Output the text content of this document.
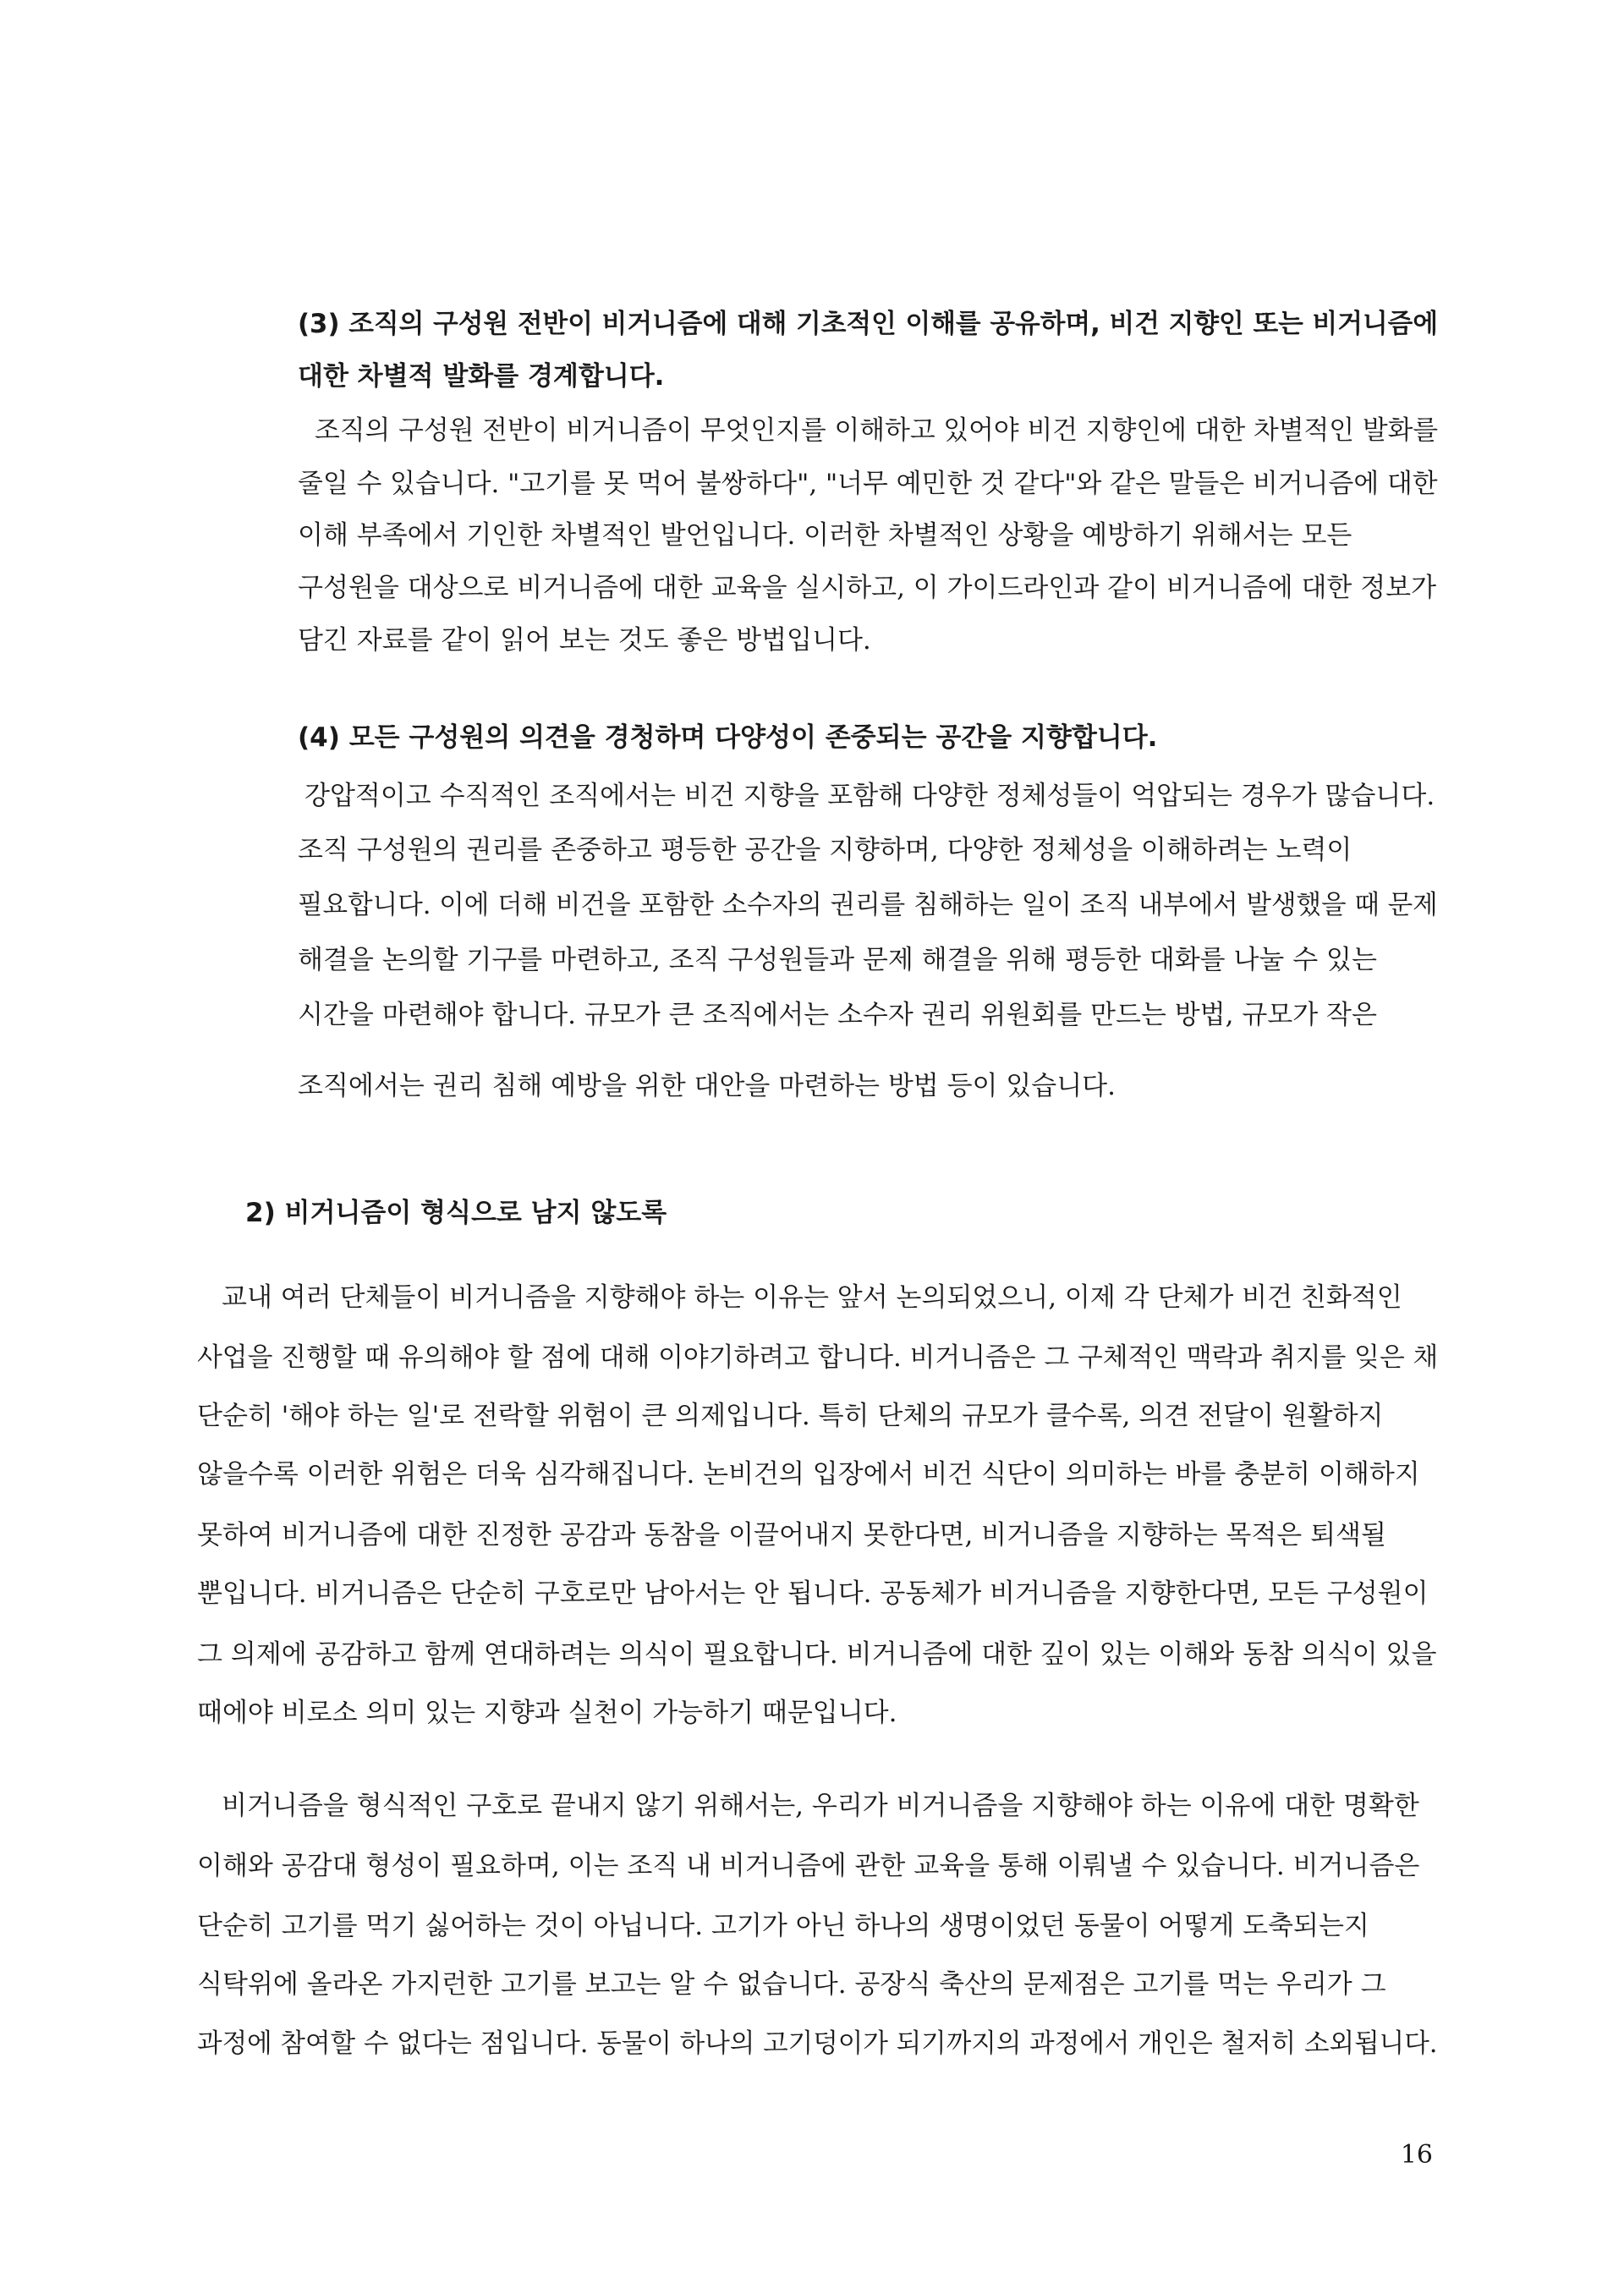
(3) 조직의 구성원 전반이 비거니즘에 대해 기초적인 이해를 공유하며, 비건 지향인 또는 비거니즘에
대한 차별적 발화를 경계합니다.
조직의 구성원 전반이 비거니즘이 무엇인지를 이해하고 있어야 비건 지향인에 대한 차별적인 발화를
줄일 수 있습니다. "고기를 못 먹어 불쌍하다", "너무 예민한 것 같다"와 같은 말들은 비거니즘에 대한
이해 부족에서 기인한 차별적인 발언입니다. 이러한 차별적인 상황을 예방하기 위해서는 모든
구성원을 대상으로 비거니즘에 대한 교육을 실시하고, 이 가이드라인과 같이 비거니즘에 대한 정보가
담긴 자료를 같이 읽어 보는 것도 좋은 방법입니다.
(4) 모든 구성원의 의견을 경청하며 다양성이 존중되는 공간을 지향합니다.
강압적이고 수직적인 조직에서는 비건 지향을 포함해 다양한 정체성들이 억압되는 경우가 많습니다.
조직 구성원의 권리를 존중하고 평등한 공간을 지향하며, 다양한 정체성을 이해하려는 노력이
필요합니다. 이에 더해 비건을 포함한 소수자의 권리를 침해하는 일이 조직 내부에서 발생했을 때 문제
해결을 논의할 기구를 마련하고, 조직 구성원들과 문제 해결을 위해 평등한 대화를 나눌 수 있는
시간을 마련해야 합니다. 규모가 큰 조직에서는 소수자 권리 위원회를 만드는 방법, 규모가 작은
조직에서는 권리 침해 예방을 위한 대안을 마련하는 방법 등이 있습니다.
2) 비거니즘이 형식으로 남지 않도록
교내 여러 단체들이 비거니즘을 지향해야 하는 이유는 앞서 논의되었으니, 이제 각 단체가 비건 친화적인
사업을 진행할 때 유의해야 할 점에 대해 이야기하려고 합니다. 비거니즘은 그 구체적인 맥락과 취지를 잊은 채
단순히 '해야 하는 일'로 전락할 위험이 큰 의제입니다. 특히 단체의 규모가 클수록, 의견 전달이 원활하지
않을수록 이러한 위험은 더욱 심각해집니다. 논비건의 입장에서 비건 식단이 의미하는 바를 충분히 이해하지
못하여 비거니즘에 대한 진정한 공감과 동참을 이끌어내지 못한다면, 비거니즘을 지향하는 목적은 퇴색될
뿐입니다. 비거니즘은 단순히 구호로만 남아서는 안 됩니다. 공동체가 비거니즘을 지향한다면, 모든 구성원이
그 의제에 공감하고 함께 연대하려는 의식이 필요합니다. 비거니즘에 대한 깊이 있는 이해와 동참 의식이 있을
때에야 비로소 의미 있는 지향과 실천이 가능하기 때문입니다.
비거니즘을 형식적인 구호로 끝내지 않기 위해서는, 우리가 비거니즘을 지향해야 하는 이유에 대한 명확한
이해와 공감대 형성이 필요하며, 이는 조직 내 비거니즘에 관한 교육을 통해 이뤄낼 수 있습니다. 비거니즘은
단순히 고기를 먹기 싫어하는 것이 아닙니다. 고기가 아닌 하나의 생명이었던 동물이 어떻게 도축되는지
식탁위에 올라온 가지런한 고기를 보고는 알 수 없습니다. 공장식 축산의 문제점은 고기를 먹는 우리가 그
과정에 참여할 수 없다는 점입니다. 동물이 하나의 고기덩이가 되기까지의 과정에서 개인은 철저히 소외됩니다.
16
